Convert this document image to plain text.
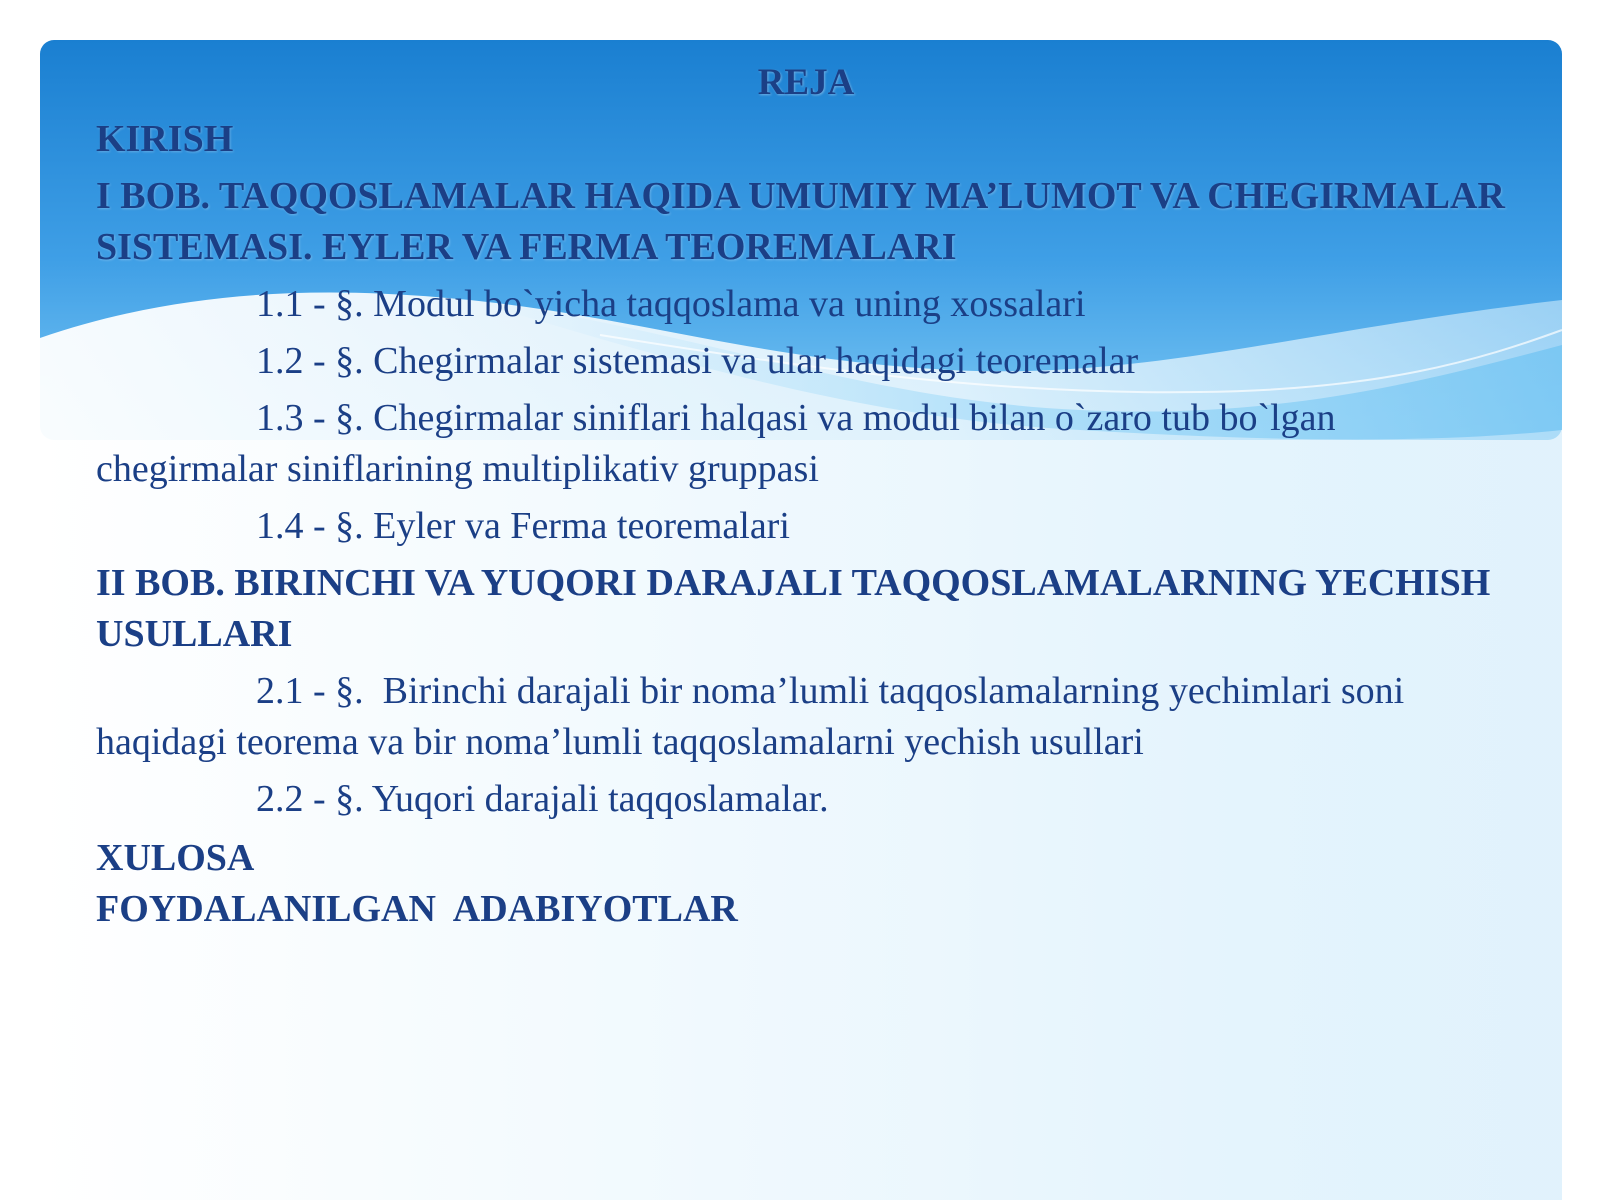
REJA
KIRISH
I BOB. TAQQOSLAMALAR HAQIDA UMUMIY MA’LUMOT VA CHEGIRMALAR SISTEMASI. EYLER VA FERMA TEOREMALARI
1.1 - §. Modul bo`yicha taqqoslama va uning xossalari
1.2 - §. Chegirmalar sistemasi va ular haqidagi teoremalar
1.3 - §. Chegirmalar siniflari halqasi va modul bilan o`zaro tub bo`lgan chegirmalar siniflarining multiplikativ gruppasi
1.4 - §. Eyler va Ferma teoremalari
II BOB. BIRINCHI VA YUQORI DARAJALI TAQQOSLAMALARNING YECHISH USULLARI
2.1 - §.  Birinchi darajali bir noma’lumli taqqoslamalarning yechimlari soni       haqidagi teorema va bir noma’lumli taqqoslamalarni yechish usullari
2.2 - §. Yuqori darajali taqqoslamalar.
XULOSA
FOYDALANILGAN  ADABIYOTLAR
